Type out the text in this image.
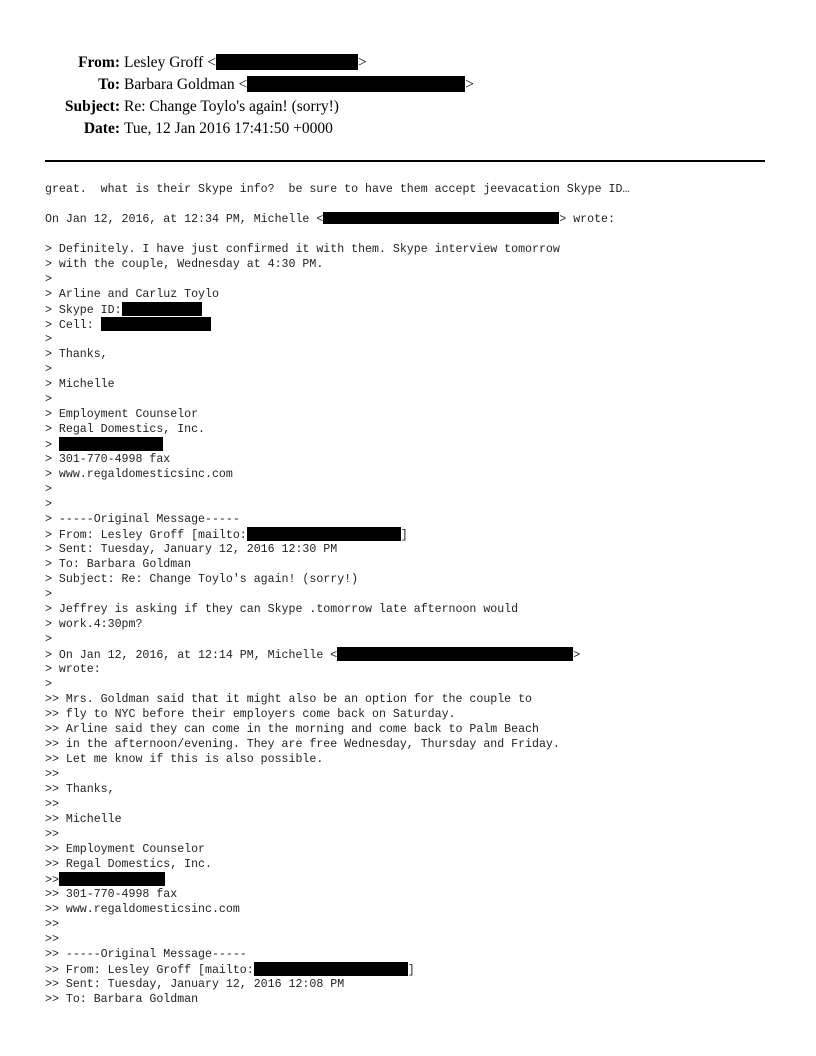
From: Lesley Groff <	>
To: Barbara Goldman <	>
Subject: Re: Change Toylo's again! (sorry!)
Date: Tue, 12 Jan 2016 17:41:50 +0000
great.  what is their Skype info?  be sure to have them accept jeevacation Skype ID…
On Jan 12, 2016, at 12:34 PM, Michelle <	> wrote:
> Definitely. I have just confirmed it with them. Skype interview tomorrow
> with the couple, Wednesday at 4:30 PM.
>
> Arline and Carluz Toylo
> Skype ID:
> Cell:
>
> Thanks,
>
> Michelle
>
> Employment Counselor
> Regal Domestics, Inc.
>
> 301-770-4998 fax
> www.regaldomesticsinc.com
>
>
> -----Original Message-----
> From: Lesley Groff [mailto:	]
> Sent: Tuesday, January 12, 2016 12:30 PM
> To: Barbara Goldman
> Subject: Re: Change Toylo's again! (sorry!)
>
> Jeffrey is asking if they can Skype .tomorrow late afternoon would
> work.4:30pm?
>
> On Jan 12, 2016, at 12:14 PM, Michelle <	>
> wrote:
>
>> Mrs. Goldman said that it might also be an option for the couple to
>> fly to NYC before their employers come back on Saturday.
>> Arline said they can come in the morning and come back to Palm Beach
>> in the afternoon/evening. They are free Wednesday, Thursday and Friday.
>> Let me know if this is also possible.
>>
>> Thanks,
>>
>> Michelle
>>
>> Employment Counselor
>> Regal Domestics, Inc.
>>
>> 301-770-4998 fax
>> www.regaldomesticsinc.com
>>
>>
>> -----Original Message-----
>> From: Lesley Groff [mailto:	]
>> Sent: Tuesday, January 12, 2016 12:08 PM
>> To: Barbara Goldman
